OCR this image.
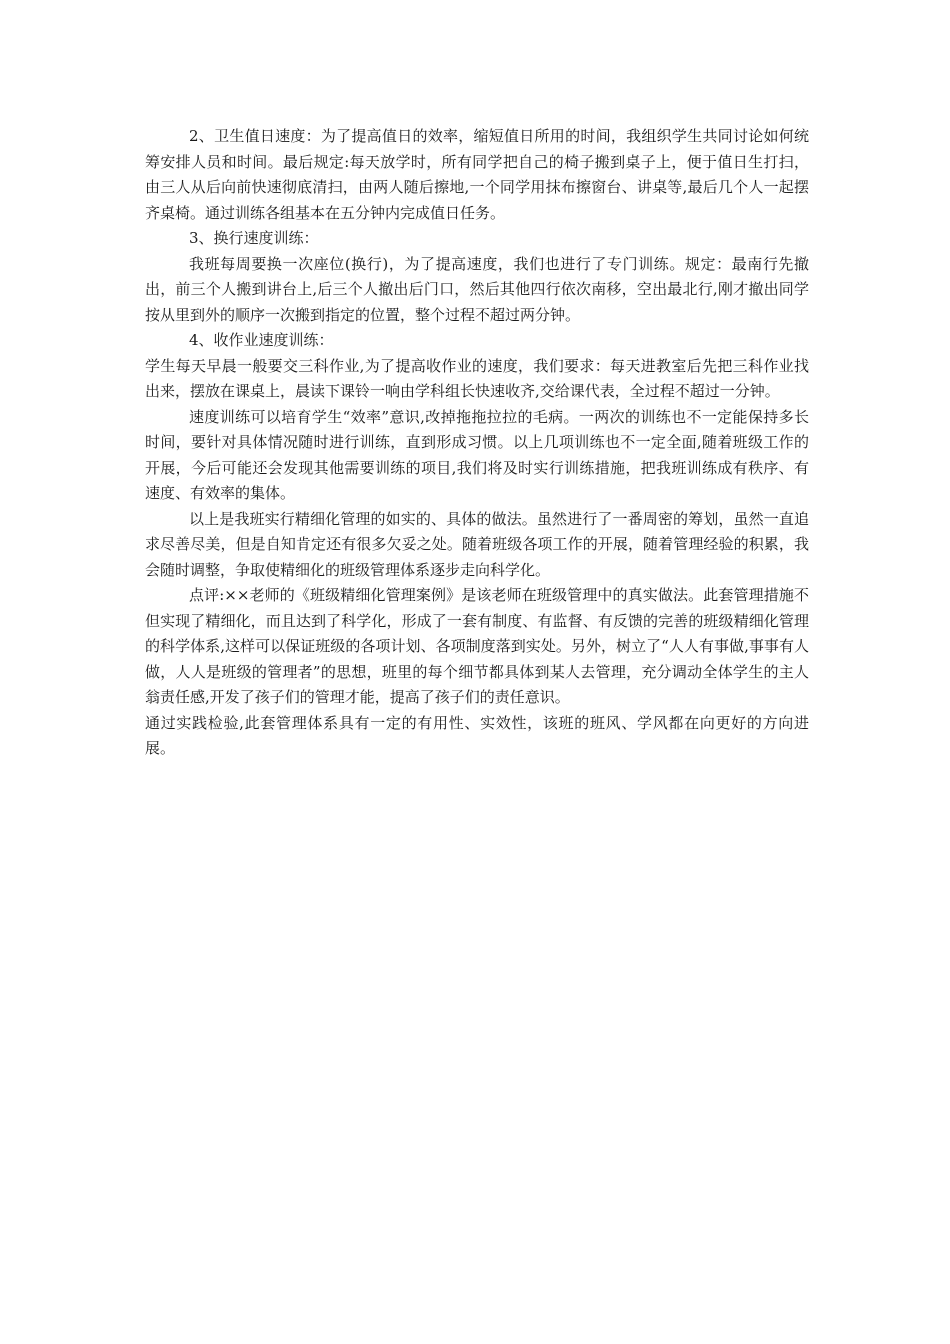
2、卫生值日速度：为了提高值日的效率，缩短值日所用的时间，我组织学生共同讨论如何统筹安排人员和时间。最后规定:每天放学时，所有同学把自己的椅子搬到桌子上，便于值日生打扫，由三人从后向前快速彻底清扫，由两人随后擦地,一个同学用抹布擦窗台、讲桌等,最后几个人一起摆齐桌椅。通过训练各组基本在五分钟内完成值日任务。

3、换行速度训练：

我班每周要换一次座位(换行)，为了提高速度，我们也进行了专门训练。规定：最南行先撤出，前三个人搬到讲台上,后三个人撤出后门口，然后其他四行依次南移，空出最北行,刚才撤出同学按从里到外的顺序一次搬到指定的位置，整个过程不超过两分钟。

4、收作业速度训练：

学生每天早晨一般要交三科作业,为了提高收作业的速度，我们要求：每天进教室后先把三科作业找出来，摆放在课桌上，晨读下课铃一响由学科组长快速收齐,交给课代表，全过程不超过一分钟。

速度训练可以培育学生“效率”意识,改掉拖拖拉拉的毛病。一两次的训练也不一定能保持多长时间，要针对具体情况随时进行训练，直到形成习惯。以上几项训练也不一定全面,随着班级工作的开展，今后可能还会发现其他需要训练的项目,我们将及时实行训练措施，把我班训练成有秩序、有速度、有效率的集体。

以上是我班实行精细化管理的如实的、具体的做法。虽然进行了一番周密的筹划，虽然一直追求尽善尽美，但是自知肯定还有很多欠妥之处。随着班级各项工作的开展，随着管理经验的积累，我会随时调整，争取使精细化的班级管理体系逐步走向科学化。

点评:××老师的《班级精细化管理案例》是该老师在班级管理中的真实做法。此套管理措施不但实现了精细化，而且达到了科学化，形成了一套有制度、有监督、有反馈的完善的班级精细化管理的科学体系,这样可以保证班级的各项计划、各项制度落到实处。另外，树立了“人人有事做,事事有人做，人人是班级的管理者”的思想，班里的每个细节都具体到某人去管理，充分调动全体学生的主人翁责任感,开发了孩子们的管理才能，提高了孩子们的责任意识。

通过实践检验,此套管理体系具有一定的有用性、实效性，该班的班风、学风都在向更好的方向进展。
